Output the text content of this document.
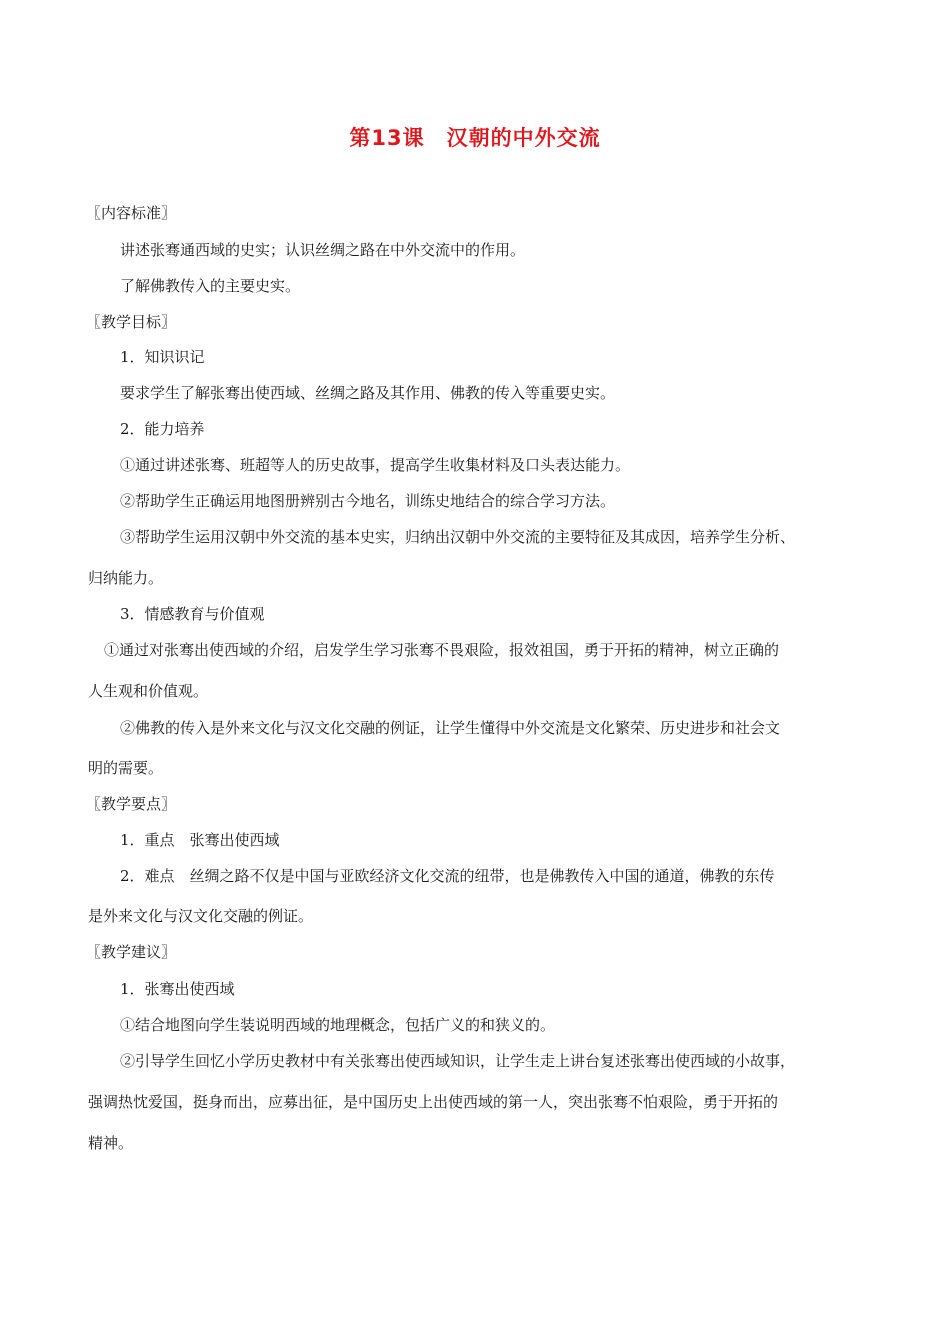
第13课　汉朝的中外交流
〖内容标准〗
讲述张骞通西域的史实；认识丝绸之路在中外交流中的作用。
了解佛教传入的主要史实。
〖教学目标〗
1．知识识记
要求学生了解张骞出使西域、丝绸之路及其作用、佛教的传入等重要史实。
2．能力培养
①通过讲述张骞、班超等人的历史故事，提高学生收集材料及口头表达能力。
②帮助学生正确运用地图册辨别古今地名，训练史地结合的综合学习方法。
③帮助学生运用汉朝中外交流的基本史实，归纳出汉朝中外交流的主要特征及其成因，培养学生分析、
归纳能力。
3．情感教育与价值观
①通过对张骞出使西域的介绍，启发学生学习张骞不畏艰险，报效祖国，勇于开拓的精神，树立正确的
人生观和价值观。
②佛教的传入是外来文化与汉文化交融的例证，让学生懂得中外交流是文化繁荣、历史进步和社会文
明的需要。
〖教学要点〗
1．重点　张骞出使西域
2．难点　丝绸之路不仅是中国与亚欧经济文化交流的纽带，也是佛教传入中国的通道，佛教的东传
是外来文化与汉文化交融的例证。
〖教学建议〗
1．张骞出使西域
①结合地图向学生装说明西域的地理概念，包括广义的和狭义的。
②引导学生回忆小学历史教材中有关张骞出使西域知识，让学生走上讲台复述张骞出使西域的小故事，
强调热忱爱国，挺身而出，应募出征，是中国历史上出使西域的第一人，突出张骞不怕艰险，勇于开拓的
精神。
